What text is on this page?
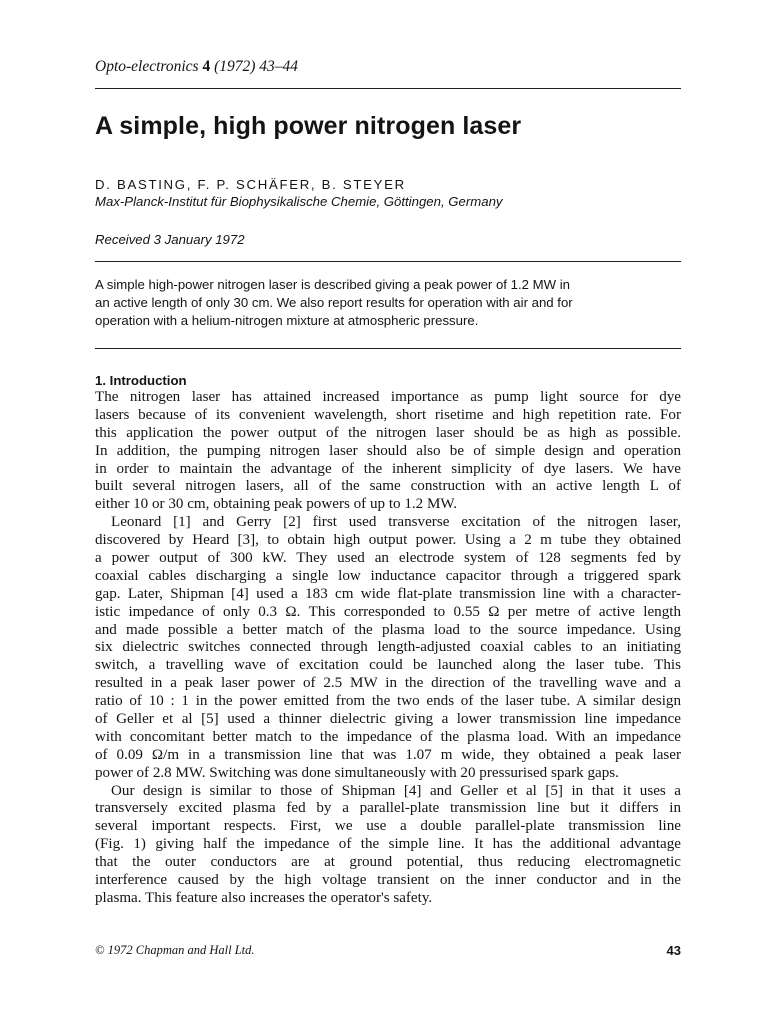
Opto-electronics 4 (1972) 43–44
A simple, high power nitrogen laser
D. BASTING, F. P. SCHÄFER, B. STEYER
Max-Planck-Institut für Biophysikalische Chemie, Göttingen, Germany
Received 3 January 1972
A simple high-power nitrogen laser is described giving a peak power of 1.2 MW in
an active length of only 30 cm. We also report results for operation with air and for
operation with a helium-nitrogen mixture at atmospheric pressure.
1. Introduction
The nitrogen laser has attained increased importance as pump light source for dye
lasers because of its convenient wavelength, short risetime and high repetition rate. For
this application the power output of the nitrogen laser should be as high as possible.
In addition, the pumping nitrogen laser should also be of simple design and operation
in order to maintain the advantage of the inherent simplicity of dye lasers. We have
built several nitrogen lasers, all of the same construction with an active length L of
either 10 or 30 cm, obtaining peak powers of up to 1.2 MW.
Leonard [1] and Gerry [2] first used transverse excitation of the nitrogen laser,
discovered by Heard [3], to obtain high output power. Using a 2 m tube they obtained
a power output of 300 kW. They used an electrode system of 128 segments fed by
coaxial cables discharging a single low inductance capacitor through a triggered spark
gap. Later, Shipman [4] used a 183 cm wide flat-plate transmission line with a character-
istic impedance of only 0.3 Ω. This corresponded to 0.55 Ω per metre of active length
and made possible a better match of the plasma load to the source impedance. Using
six dielectric switches connected through length-adjusted coaxial cables to an initiating
switch, a travelling wave of excitation could be launched along the laser tube. This
resulted in a peak laser power of 2.5 MW in the direction of the travelling wave and a
ratio of 10 : 1 in the power emitted from the two ends of the laser tube. A similar design
of Geller et al [5] used a thinner dielectric giving a lower transmission line impedance
with concomitant better match to the impedance of the plasma load. With an impedance
of 0.09 Ω/m in a transmission line that was 1.07 m wide, they obtained a peak laser
power of 2.8 MW. Switching was done simultaneously with 20 pressurised spark gaps.
Our design is similar to those of Shipman [4] and Geller et al [5] in that it uses a
transversely excited plasma fed by a parallel-plate transmission line but it differs in
several important respects. First, we use a double parallel-plate transmission line
(Fig. 1) giving half the impedance of the simple line. It has the additional advantage
that the outer conductors are at ground potential, thus reducing electromagnetic
interference caused by the high voltage transient on the inner conductor and in the
plasma. This feature also increases the operator's safety.
© 1972 Chapman and Hall Ltd.	43
